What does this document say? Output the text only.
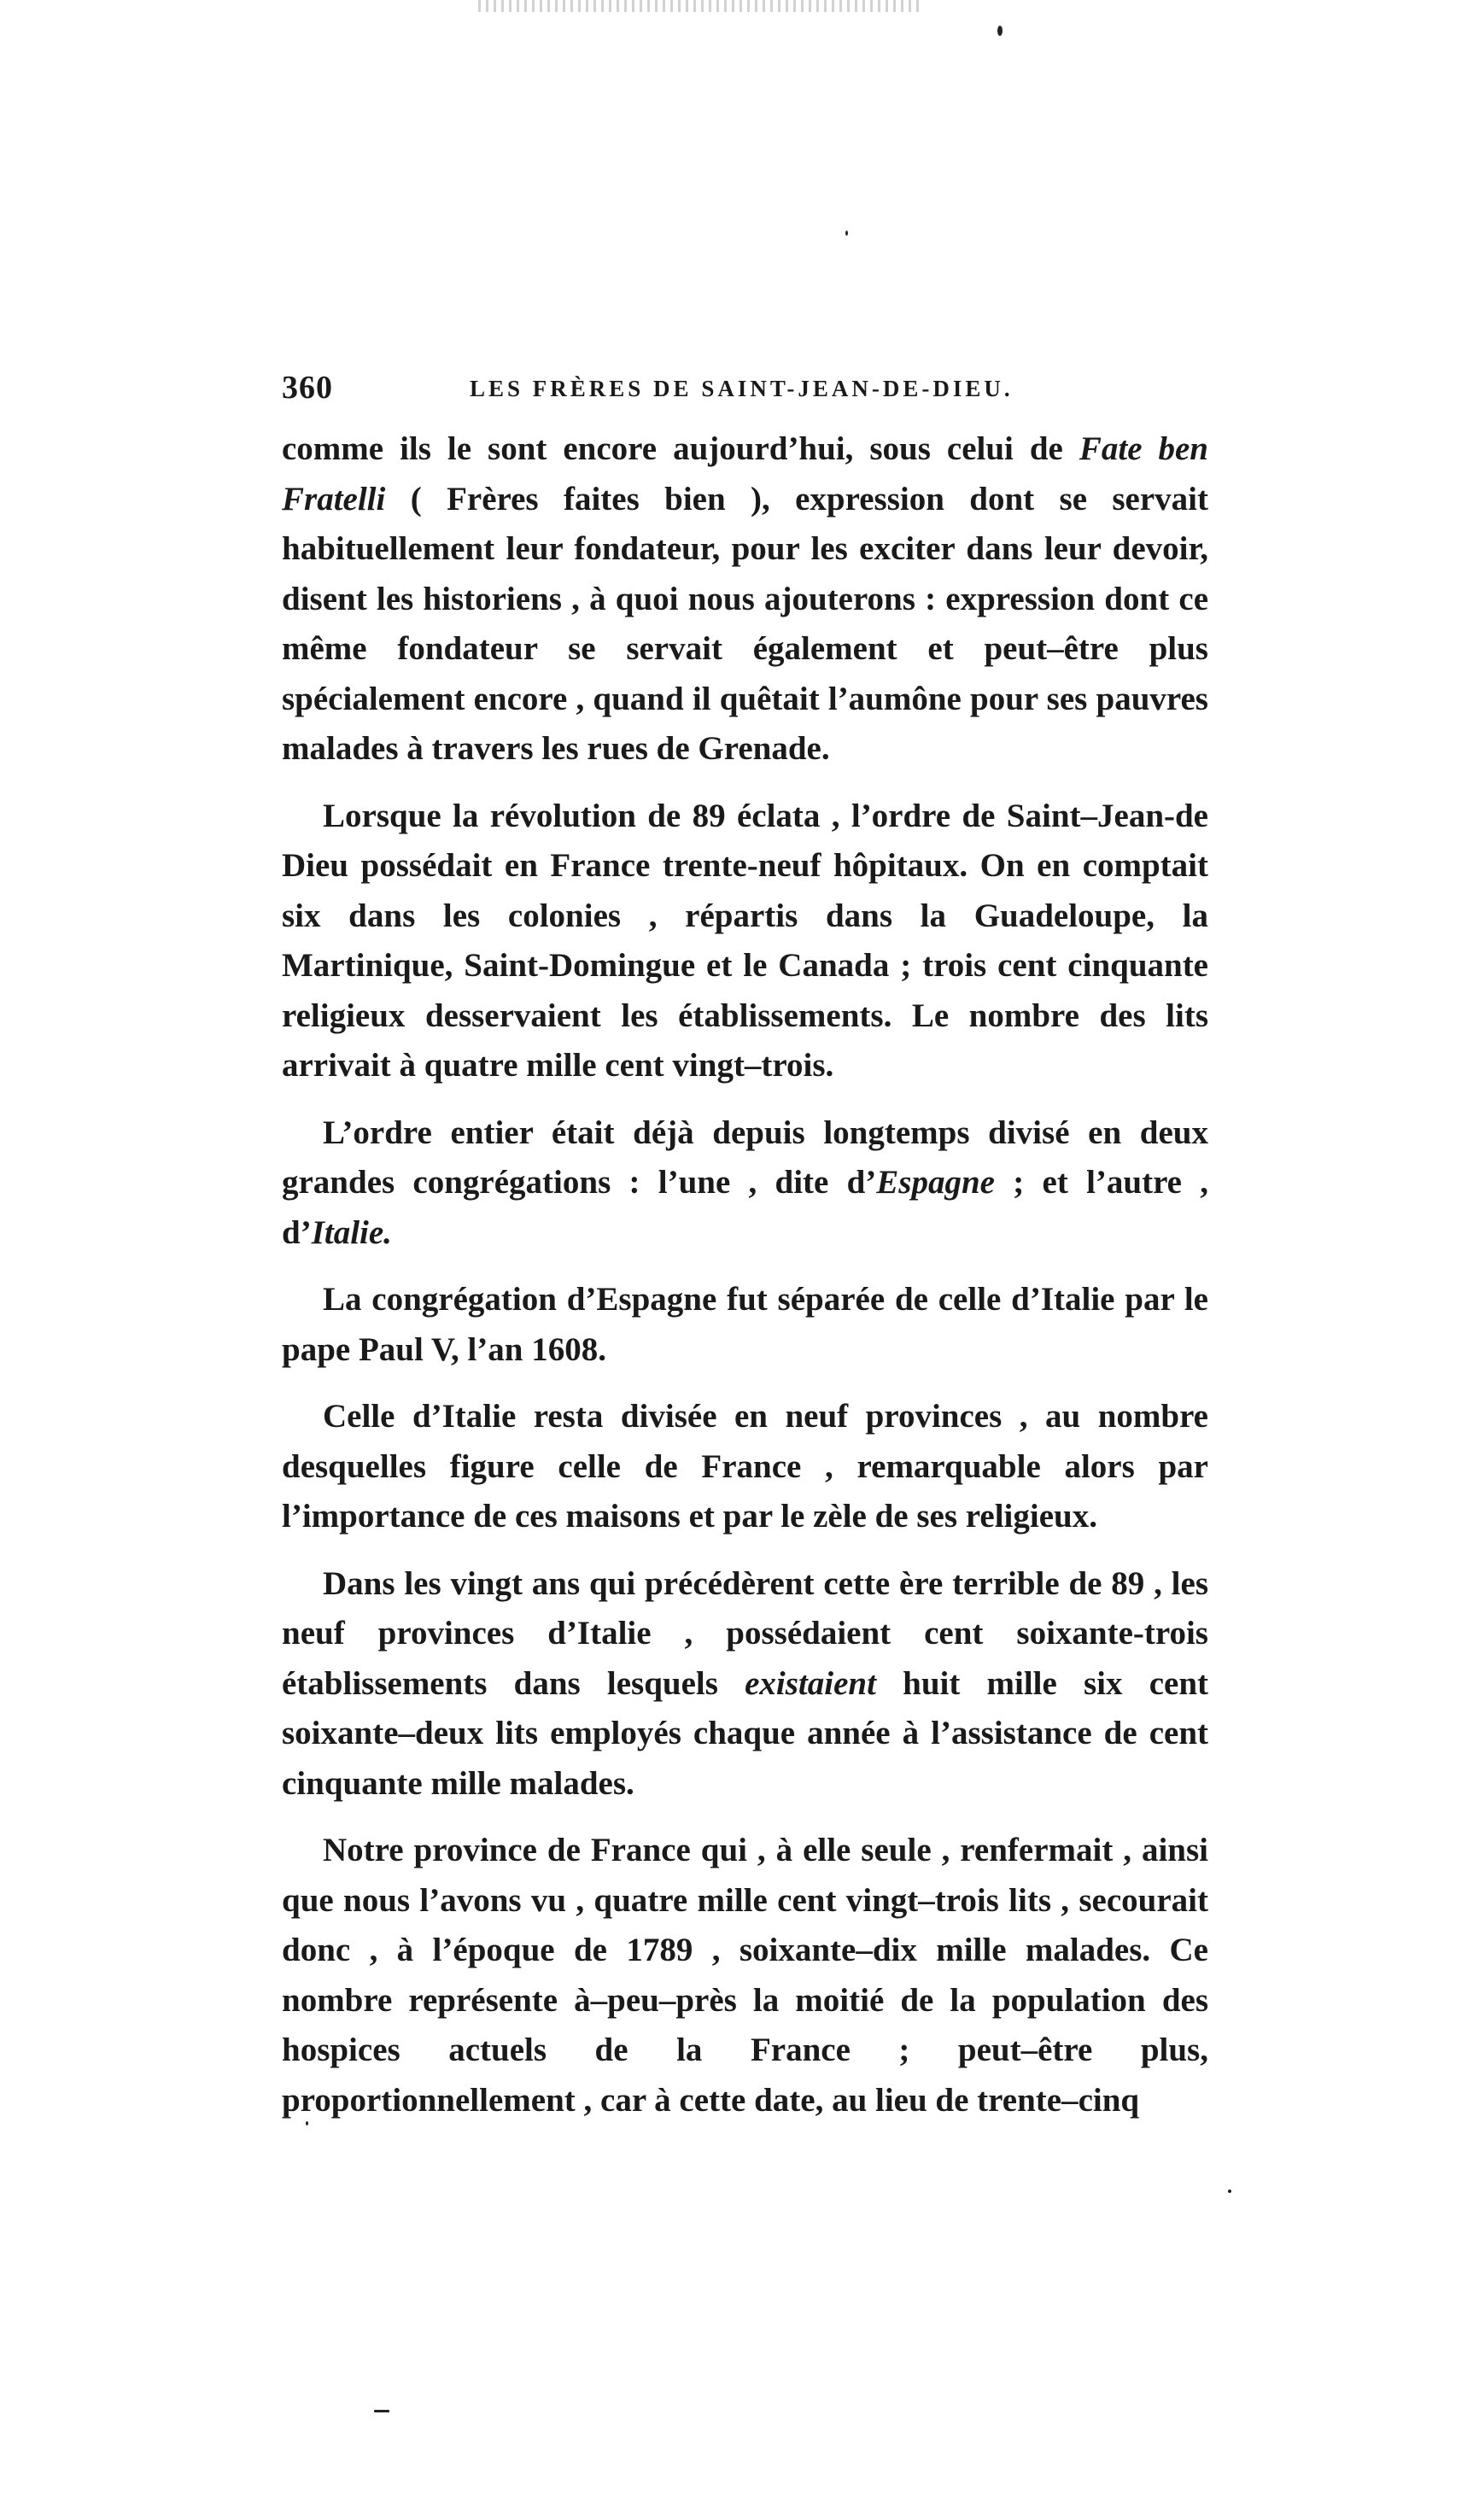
360	LES FRÈRES DE SAINT-JEAN-DE-DIEU.

comme ils le sont encore aujourd’hui, sous celui de Fate ben Fratelli ( Frères faites bien ), expression dont se servait habituellement leur fondateur, pour les exciter dans leur devoir, disent les historiens , à quoi nous ajouterons : expression dont ce même fondateur se servait également et peut–être plus spécialement encore , quand il quêtait l’aumône pour ses pauvres malades à travers les rues de Grenade.

Lorsque la révolution de 89 éclata , l’ordre de Saint–Jean-de Dieu possédait en France trente-neuf hôpitaux. On en comptait six dans les colonies , répartis dans la Guadeloupe, la Martinique, Saint-Domingue et le Canada ; trois cent cinquante religieux desservaient les établissements. Le nombre des lits arrivait à quatre mille cent vingt–trois.

L’ordre entier était déjà depuis longtemps divisé en deux grandes congrégations : l’une , dite d’Espagne ; et l’autre , d’Italie.

La congrégation d’Espagne fut séparée de celle d’Italie par le pape Paul V, l’an 1608.

Celle d’Italie resta divisée en neuf provinces , au nombre desquelles figure celle de France , remarquable alors par l’importance de ces maisons et par le zèle de ses religieux.

Dans les vingt ans qui précédèrent cette ère terrible de 89 , les neuf provinces d’Italie , possédaient cent soixante-trois établissements dans lesquels existaient huit mille six cent soixante–deux lits employés chaque année à l’assistance de cent cinquante mille malades.

Notre province de France qui , à elle seule , renfermait , ainsi que nous l’avons vu , quatre mille cent vingt–trois lits , secourait donc , à l’époque de 1789 , soixante–dix mille malades. Ce nombre représente à–peu–près la moitié de la population des hospices actuels de la France ; peut–être plus, proportionnellement , car à cette date, au lieu de trente–cinq
